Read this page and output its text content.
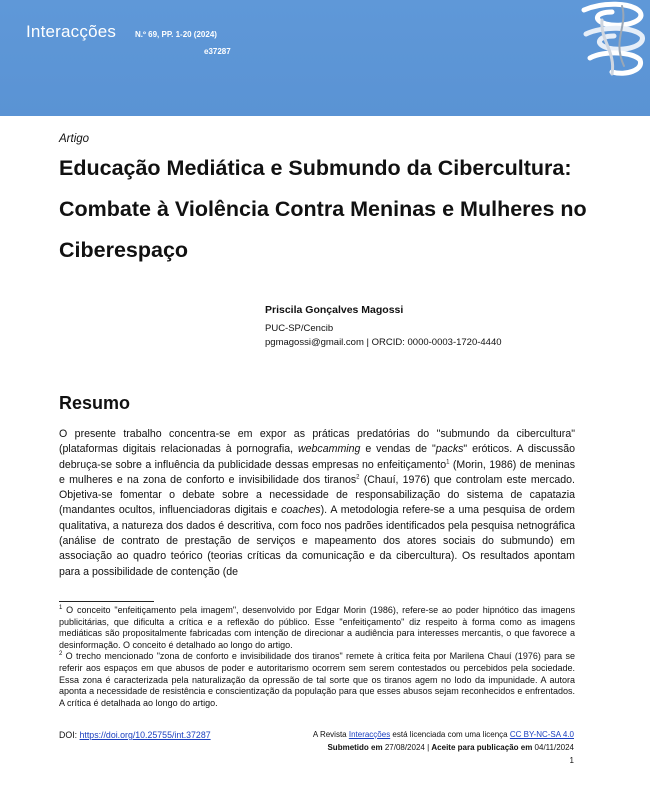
Interacções N.º 69, PP. 1-20 (2024)
e37287
Artigo
Educação Mediática e Submundo da Cibercultura: Combate à Violência Contra Meninas e Mulheres no Ciberespaço
Priscila Gonçalves Magossi
PUC-SP/Cencib
pgmagossi@gmail.com | ORCID: 0000-0003-1720-4440
Resumo

O presente trabalho concentra-se em expor as práticas predatórias do "submundo da cibercultura" (plataformas digitais relacionadas à pornografia, webcamming e vendas de "packs" eróticos. A discussão debruça-se sobre a influência da publicidade dessas empresas no enfeitiçamento$^1$ (Morin, 1986) de meninas e mulheres e na zona de conforto e invisibilidade dos tiranos$^2$ (Chauí, 1976) que controlam este mercado. Objetiva-se fomentar o debate sobre a necessidade de responsabilização do sistema de capatazia (mandantes ocultos, influenciadoras digitais e coaches). A metodologia refere-se a uma pesquisa de ordem qualitativa, a natureza dos dados é descritiva, com foco nos padrões identificados pela pesquisa netnográfica (análise de contrato de prestação de serviços e mapeamento dos atores sociais do submundo) em associação ao quadro teórico (teorias críticas da comunicação e da cibercultura). Os resultados apontam para a possibilidade de contenção (de

$^1$ O conceito "enfeitiçamento pela imagem", desenvolvido por Edgar Morin (1986), refere-se ao poder hipnótico das imagens publicitárias, que dificulta a crítica e a reflexão do público. Esse "enfeitiçamento" diz respeito à forma como as imagens mediáticas são propositalmente fabricadas com intenção de direcionar a audiência para interesses mercantis, o que favorece a desinformação. O conceito é detalhado ao longo do artigo.

$^2$ O trecho mencionado "zona de conforto e invisibilidade dos tiranos" remete à crítica feita por Marilena Chauí (1976) para se referir aos espaços em que abusos de poder e autoritarismo ocorrem sem serem contestados ou percebidos pela sociedade. Essa zona é caracterizada pela naturalização da opressão de tal sorte que os tiranos agem no lodo da impunidade. A autora aponta a necessidade de resistência e conscientização da população para que esses abusos sejam reconhecidos e enfrentados. A crítica é detalhada ao longo do artigo.

DOI: https://doi.org/10.25755/int.37287	A Revista Interacções está licenciada com uma licença CC BY-NC-SA 4.0
Submetido em 27/08/2024 | Aceite para publicação em 04/11/2024
1
